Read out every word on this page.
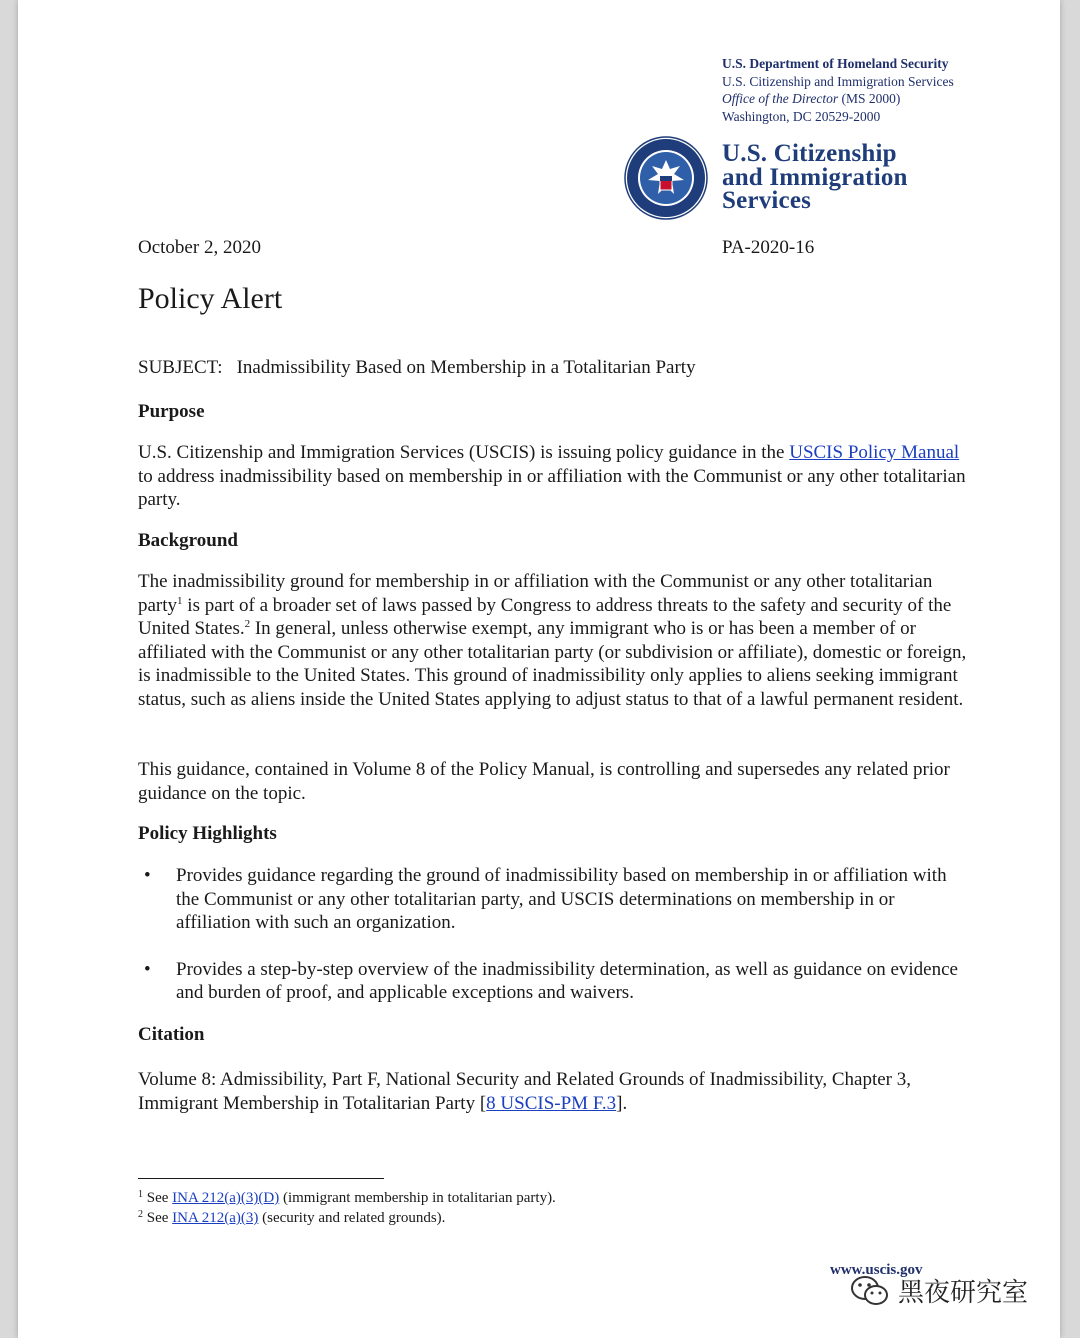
U.S. Department of Homeland Security
U.S. Citizenship and Immigration Services
Office of the Director (MS 2000)
Washington, DC 20529-2000
U.S. Citizenship
and Immigration
Services
October 2, 2020	PA-2020-16
Policy Alert
SUBJECT: Inadmissibility Based on Membership in a Totalitarian Party
Purpose

U.S. Citizenship and Immigration Services (USCIS) is issuing policy guidance in the USCIS Policy Manual to address inadmissibility based on membership in or affiliation with the Communist or any other totalitarian party.

Background

The inadmissibility ground for membership in or affiliation with the Communist or any other totalitarian party$^1$ is part of a broader set of laws passed by Congress to address threats to the safety and security of the United States.$^2$ In general, unless otherwise exempt, any immigrant who is or has been a member of or affiliated with the Communist or any other totalitarian party (or subdivision or affiliate), domestic or foreign, is inadmissible to the United States. This ground of inadmissibility only applies to aliens seeking immigrant status, such as aliens inside the United States applying to adjust status to that of a lawful permanent resident.

This guidance, contained in Volume 8 of the Policy Manual, is controlling and supersedes any related prior guidance on the topic.

Policy Highlights
• Provides guidance regarding the ground of inadmissibility based on membership in or affiliation with the Communist or any other totalitarian party, and USCIS determinations on membership in or affiliation with such an organization.
• Provides a step-by-step overview of the inadmissibility determination, as well as guidance on evidence and burden of proof, and applicable exceptions and waivers.
Citation

Volume 8: Admissibility, Part F, National Security and Related Grounds of Inadmissibility, Chapter 3, Immigrant Membership in Totalitarian Party [8 USCIS-PM F.3].

$^1$ See INA 212(a)(3)(D) (immigrant membership in totalitarian party).
$^2$ See INA 212(a)(3) (security and related grounds).
www.uscis.gov
黑夜研究室
